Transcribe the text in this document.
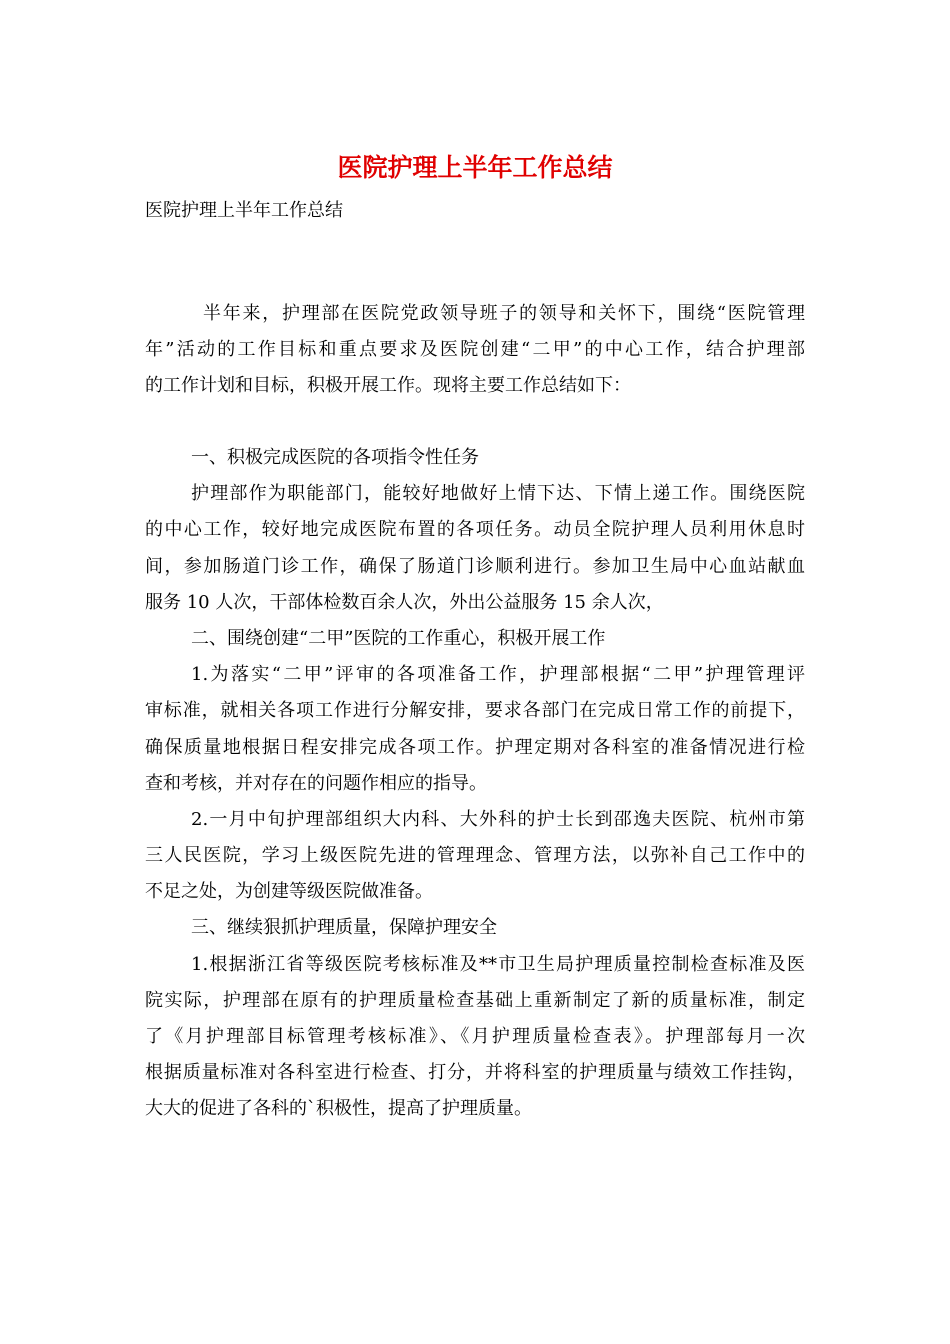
医院护理上半年工作总结

医院护理上半年工作总结

半年来，护理部在医院党政领导班子的领导和关怀下，围绕“医院管理
年”活动的工作目标和重点要求及医院创建“二甲”的中心工作，结合护理部
的工作计划和目标，积极开展工作。现将主要工作总结如下：
一、积极完成医院的各项指令性任务
护理部作为职能部门，能较好地做好上情下达、下情上递工作。围绕医院
的中心工作，较好地完成医院布置的各项任务。动员全院护理人员利用休息时
间，参加肠道门诊工作，确保了肠道门诊顺利进行。参加卫生局中心血站献血
服务 10 人次，干部体检数百余人次，外出公益服务 15 余人次，
二、围绕创建“二甲”医院的工作重心，积极开展工作
1.为落实“二甲”评审的各项准备工作，护理部根据“二甲”护理管理评
审标准，就相关各项工作进行分解安排，要求各部门在完成日常工作的前提下，
确保质量地根据日程安排完成各项工作。护理定期对各科室的准备情况进行检
查和考核，并对存在的问题作相应的指导。
2.一月中旬护理部组织大内科、大外科的护士长到邵逸夫医院、杭州市第
三人民医院，学习上级医院先进的管理理念、管理方法，以弥补自己工作中的
不足之处，为创建等级医院做准备。
三、继续狠抓护理质量，保障护理安全
1.根据浙江省等级医院考核标准及**市卫生局护理质量控制检查标准及医
院实际，护理部在原有的护理质量检查基础上重新制定了新的质量标准，制定
了《月护理部目标管理考核标准》、《月护理质量检查表》。护理部每月一次
根据质量标准对各科室进行检查、打分，并将科室的护理质量与绩效工作挂钩，
大大的促进了各科的`积极性，提高了护理质量。
